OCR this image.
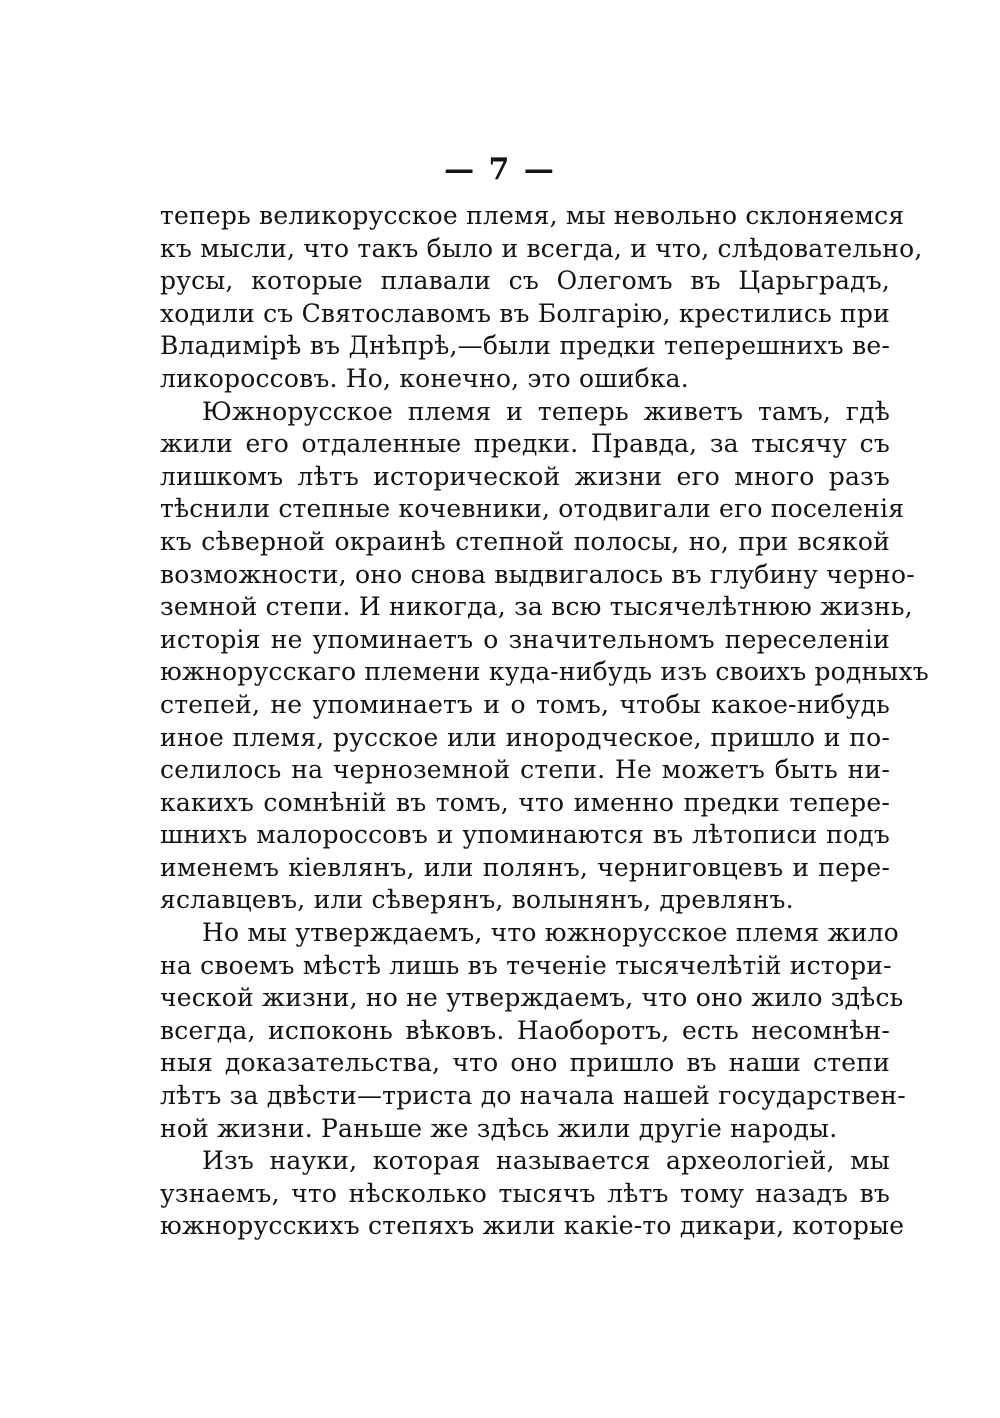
— 7 —
теперь великорусское племя, мы невольно склоняемся
къ мысли, что такъ было и всегда, и что, слѣдовательно,
русы, которые плавали съ Олегомъ въ Царьградъ,
ходили съ Святославомъ въ Болгарію, крестились при
Владимірѣ въ Днѣпрѣ,—были предки теперешнихъ ве-
ликороссовъ. Но, конечно, это ошибка.
Южнорусское племя и теперь живетъ тамъ, гдѣ
жили его отдаленные предки. Правда, за тысячу съ
лишкомъ лѣтъ исторической жизни его много разъ
тѣснили степные кочевники, отодвигали его поселенія
къ сѣверной окраинѣ степной полосы, но, при всякой
возможности, оно снова выдвигалось въ глубину черно-
земной степи. И никогда, за всю тысячелѣтнюю жизнь,
исторія не упоминаетъ о значительномъ переселеніи
южнорусскаго племени куда-нибудь изъ своихъ родныхъ
степей, не упоминаетъ и о томъ, чтобы какое-нибудь
иное племя, русское или инородческое, пришло и по-
селилось на черноземной степи. Не можетъ быть ни-
какихъ сомнѣній въ томъ, что именно предки тепере-
шнихъ малороссовъ и упоминаются въ лѣтописи подъ
именемъ кіевлянъ, или полянъ, черниговцевъ и пере-
яславцевъ, или сѣверянъ, волынянъ, древлянъ.
Но мы утверждаемъ, что южнорусское племя жило
на своемъ мѣстѣ лишь въ теченіе тысячелѣтій истори-
ческой жизни, но не утверждаемъ, что оно жило здѣсь
всегда, испоконь вѣковъ. Наоборотъ, есть несомнѣн-
ныя доказательства, что оно пришло въ наши степи
лѣтъ за двѣсти—триста до начала нашей государствен-
ной жизни. Раньше же здѣсь жили другіе народы.
Изъ науки, которая называется археологіей, мы
узнаемъ, что нѣсколько тысячъ лѣтъ тому назадъ въ
южнорусскихъ степяхъ жили какіе-то дикари, которые
